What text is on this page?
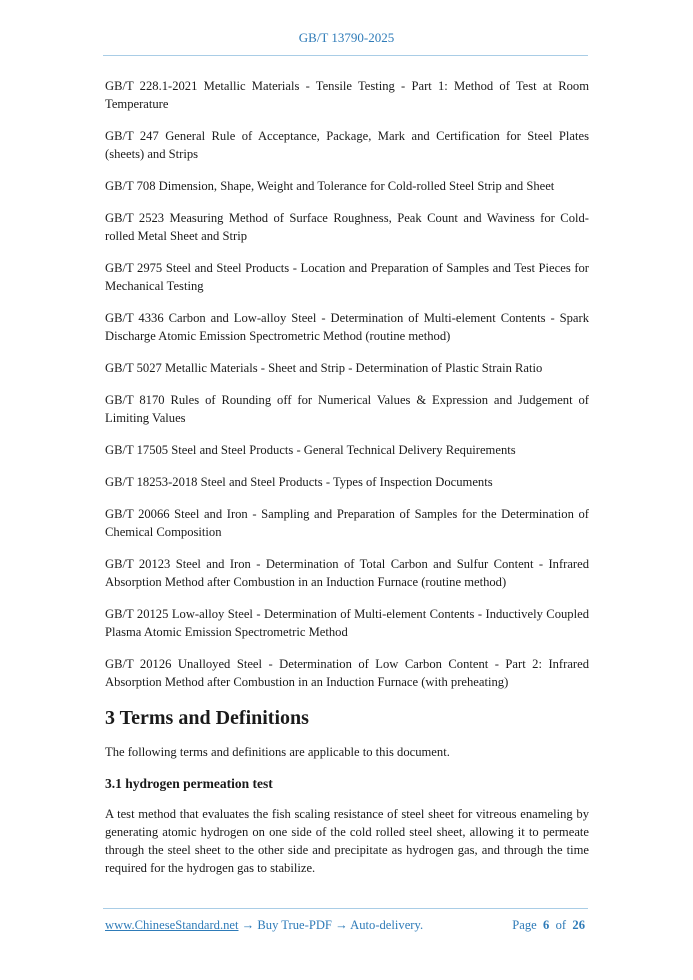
GB/T 13790-2025

GB/T 228.1-2021 Metallic Materials - Tensile Testing - Part 1: Method of Test at Room Temperature

GB/T 247 General Rule of Acceptance, Package, Mark and Certification for Steel Plates (sheets) and Strips

GB/T 708 Dimension, Shape, Weight and Tolerance for Cold-rolled Steel Strip and Sheet

GB/T 2523 Measuring Method of Surface Roughness, Peak Count and Waviness for Cold-rolled Metal Sheet and Strip

GB/T 2975 Steel and Steel Products - Location and Preparation of Samples and Test Pieces for Mechanical Testing

GB/T 4336 Carbon and Low-alloy Steel - Determination of Multi-element Contents - Spark Discharge Atomic Emission Spectrometric Method (routine method)

GB/T 5027 Metallic Materials - Sheet and Strip - Determination of Plastic Strain Ratio

GB/T 8170 Rules of Rounding off for Numerical Values & Expression and Judgement of Limiting Values

GB/T 17505 Steel and Steel Products - General Technical Delivery Requirements

GB/T 18253-2018 Steel and Steel Products - Types of Inspection Documents

GB/T 20066 Steel and Iron - Sampling and Preparation of Samples for the Determination of Chemical Composition

GB/T 20123 Steel and Iron - Determination of Total Carbon and Sulfur Content - Infrared Absorption Method after Combustion in an Induction Furnace (routine method)

GB/T 20125 Low-alloy Steel - Determination of Multi-element Contents - Inductively Coupled Plasma Atomic Emission Spectrometric Method

GB/T 20126 Unalloyed Steel - Determination of Low Carbon Content - Part 2: Infrared Absorption Method after Combustion in an Induction Furnace (with preheating)

3 Terms and Definitions

The following terms and definitions are applicable to this document.

3.1 hydrogen permeation test

A test method that evaluates the fish scaling resistance of steel sheet for vitreous enameling by generating atomic hydrogen on one side of the cold rolled steel sheet, allowing it to permeate through the steel sheet to the other side and precipitate as hydrogen gas, and through the time required for the hydrogen gas to stabilize.

www.ChineseStandard.net → Buy True-PDF → Auto-delivery.	Page 6 of 26
